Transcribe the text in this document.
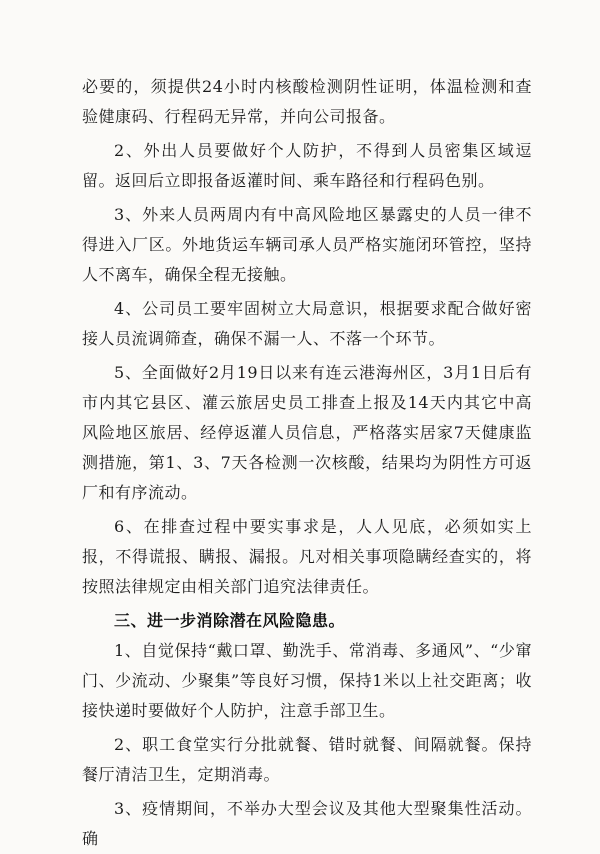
必要的，须提供24小时内核酸检测阴性证明，体温检测和查验健康码、行程码无异常，并向公司报备。

2、外出人员要做好个人防护，不得到人员密集区域逗留。返回后立即报备返灌时间、乘车路径和行程码色别。

3、外来人员两周内有中高风险地区暴露史的人员一律不得进入厂区。外地货运车辆司承人员严格实施闭环管控，坚持人不离车，确保全程无接触。

4、公司员工要牢固树立大局意识，根据要求配合做好密接人员流调筛查，确保不漏一人、不落一个环节。

5、全面做好2月19日以来有连云港海州区，3月1日后有市内其它县区、灌云旅居史员工排查上报及14天内其它中高风险地区旅居、经停返灌人员信息，严格落实居家7天健康监测措施，第1、3、7天各检测一次核酸，结果均为阴性方可返厂和有序流动。

6、在排查过程中要实事求是，人人见底，必须如实上报，不得谎报、瞒报、漏报。凡对相关事项隐瞒经查实的，将按照法律规定由相关部门追究法律责任。

三、进一步消除潜在风险隐患。

1、自觉保持“戴口罩、勤洗手、常消毒、多通风”、“少窜门、少流动、少聚集”等良好习惯，保持1米以上社交距离；收接快递时要做好个人防护，注意手部卫生。

2、职工食堂实行分批就餐、错时就餐、间隔就餐。保持餐厅清洁卫生，定期消毒。

3、疫情期间，不举办大型会议及其他大型聚集性活动。确
